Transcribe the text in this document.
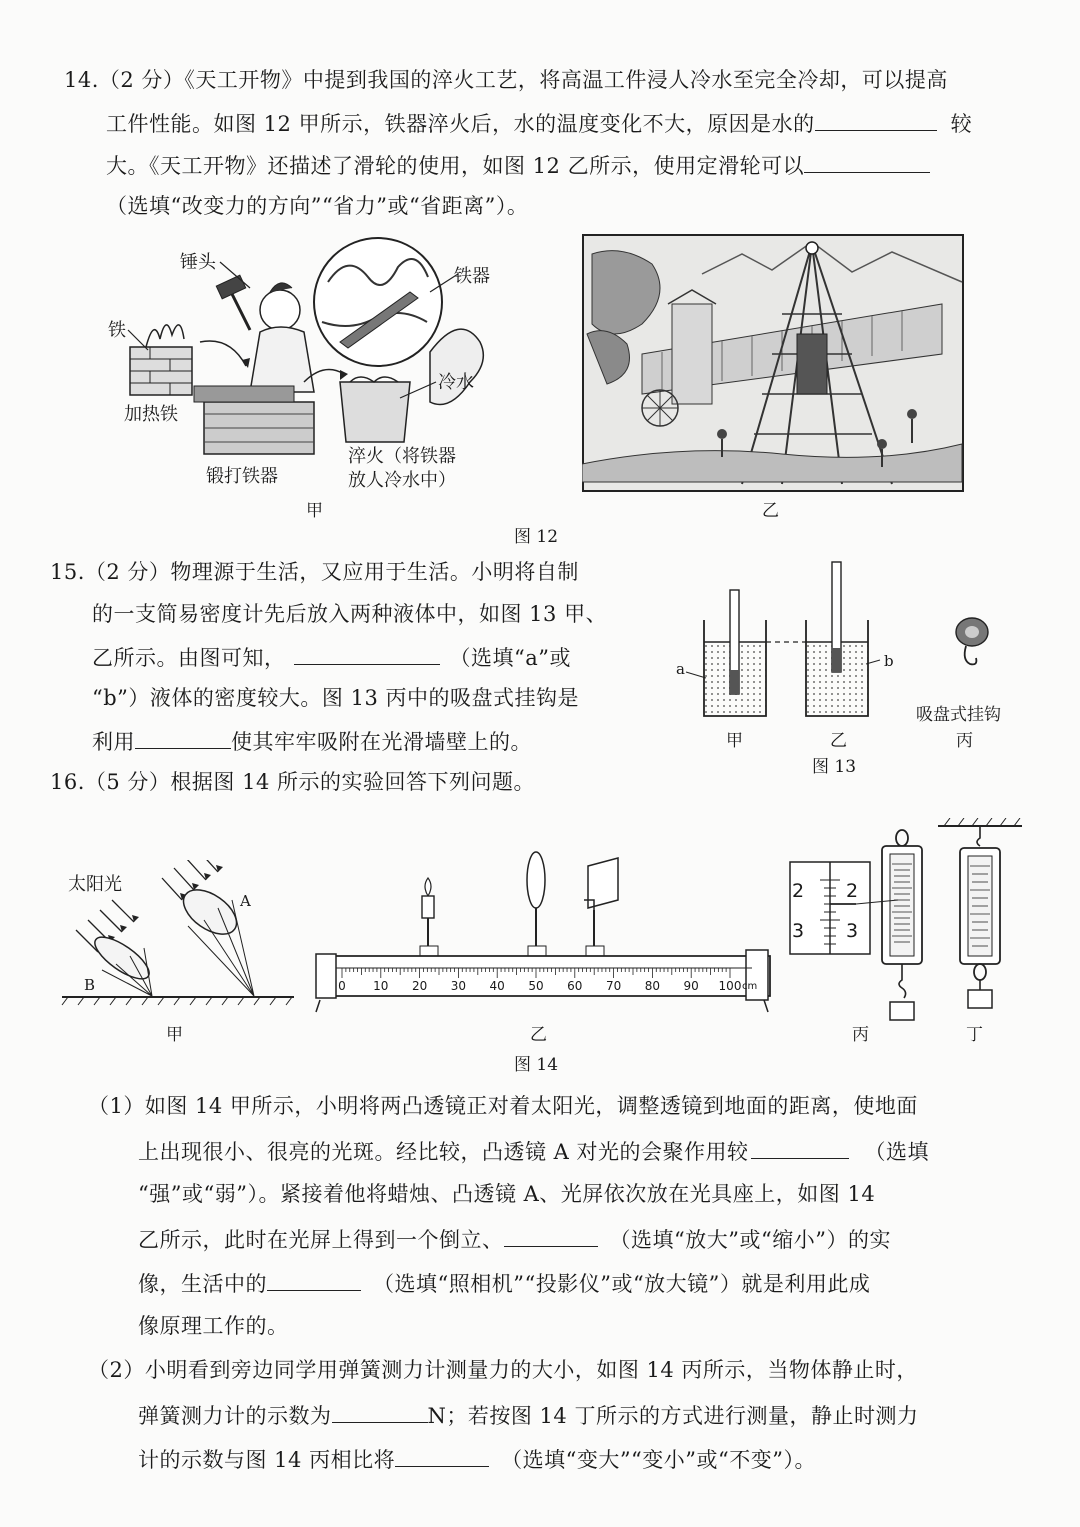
14.（2 分）《天工开物》中提到我国的淬火工艺，将高温工件浸人冷水至完全冷却，可以提高
工件性能。如图 12 甲所示，铁器淬火后，水的温度变化不大，原因是水的	较
大。《天工开物》还描述了滑轮的使用，如图 12 乙所示，使用定滑轮可以
（选填“改变力的方向”“省力”或“省距离”）。
锤头
铁
铁器
冷水
加热铁
锻打铁器
淬火（将铁器
放人冷水中）
甲	乙
图 12
15.（2 分）物理源于生活，又应用于生活。小明将自制
的一支简易密度计先后放入两种液体中，如图 13 甲、
乙所示。由图可知，	（选填“a”或
“b”）液体的密度较大。图 13 丙中的吸盘式挂钩是
利用	使其牢牢吸附在光滑墙壁上的。
a	b
吸盘式挂钩
甲	乙	丙
图 13
16.（5 分）根据图 14 所示的实验回答下列问题。
太阳光
A
B
甲	乙
0 10 20 30 40 50 60 70 80 90 100 cm
2 2
3 3
丙	丁
图 14
（1）如图 14 甲所示，小明将两凸透镜正对着太阳光，调整透镜到地面的距离，使地面
上出现很小、很亮的光斑。经比较，凸透镜 A 对光的会聚作用较	（选填
“强”或“弱”）。紧接着他将蜡烛、凸透镜 A、光屏依次放在光具座上，如图 14
乙所示，此时在光屏上得到一个倒立、	（选填“放大”或“缩小”）的实
像，生活中的	（选填“照相机”“投影仪”或“放大镜”）就是利用此成
像原理工作的。
（2）小明看到旁边同学用弹簧测力计测量力的大小，如图 14 丙所示，当物体静止时，
弹簧测力计的示数为	N；若按图 14 丁所示的方式进行测量，静止时测力
计的示数与图 14 丙相比将	（选填“变大”“变小”或“不变”）。
